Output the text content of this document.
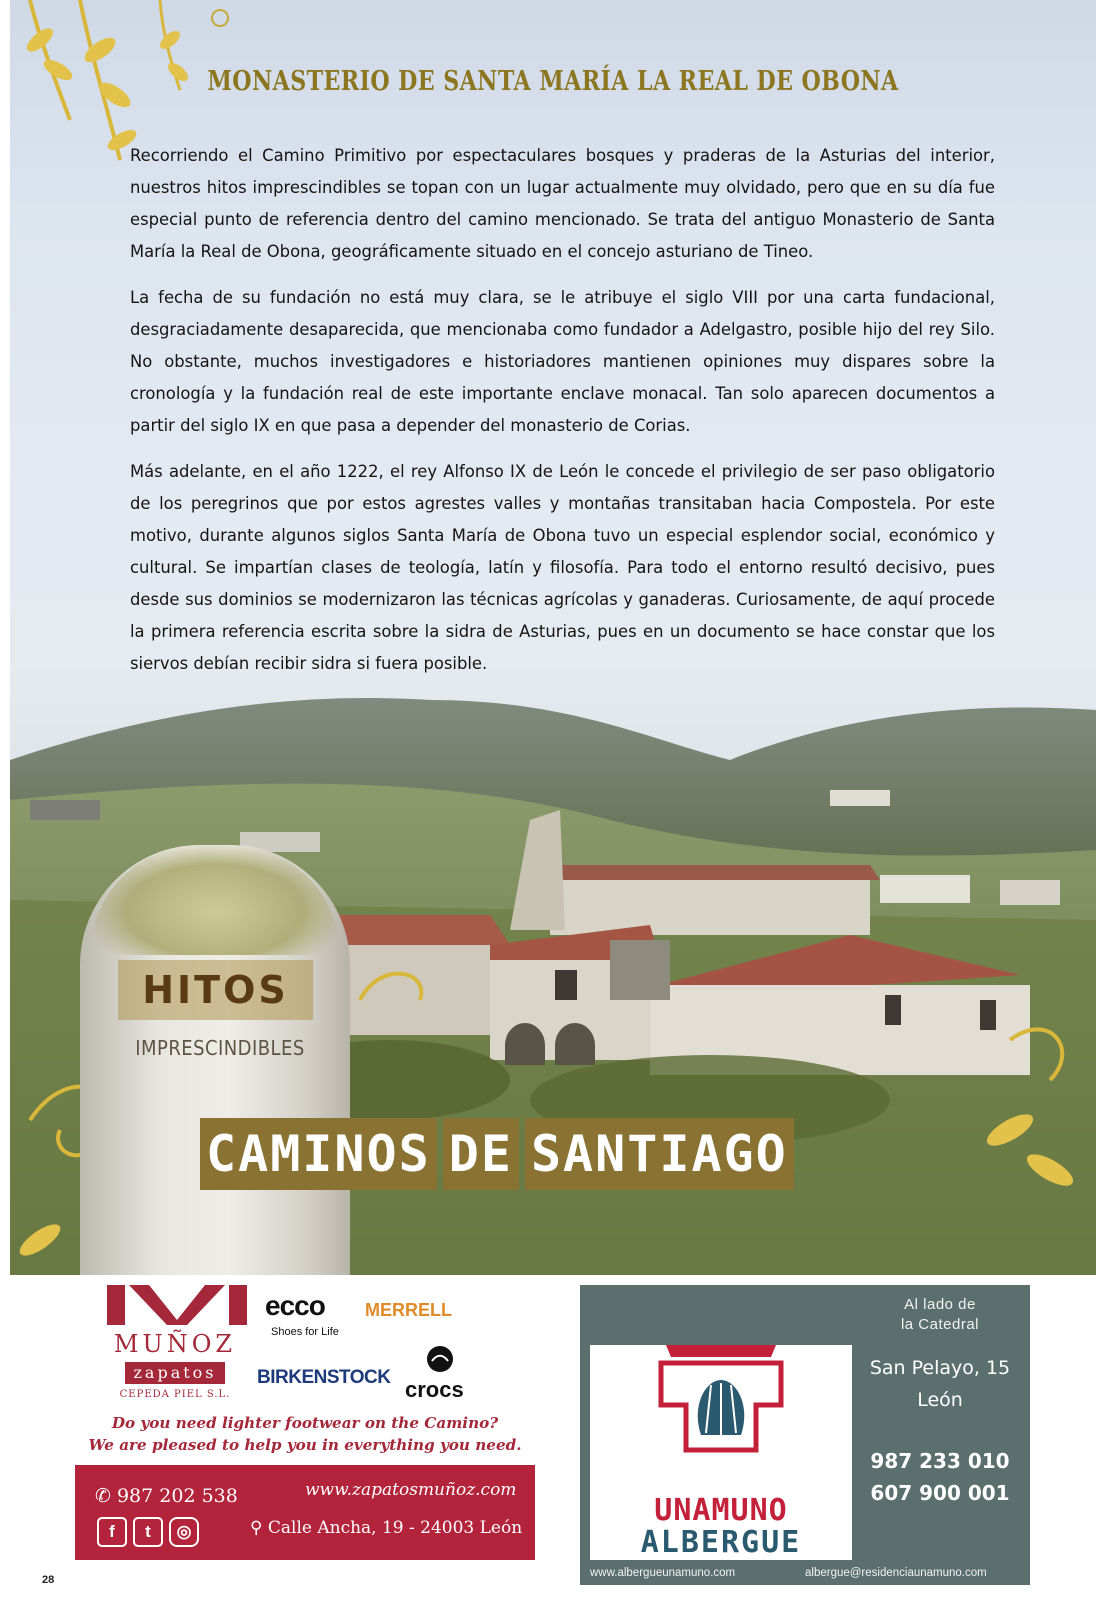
HITOS
IMPRESCINDIBLES
CAMINOS DE SANTIAGO
MONASTERIO DE SANTA MARÍA LA REAL DE OBONA

Recorriendo el Camino Primitivo por espectaculares bosques y praderas de la Asturias del interior, nuestros hitos imprescindibles se topan con un lugar actualmente muy olvidado, pero que en su día fue especial punto de referencia dentro del camino mencionado. Se trata del antiguo Monasterio de Santa María la Real de Obona, geográficamente situado en el concejo asturiano de Tineo.

La fecha de su fundación no está muy clara, se le atribuye el siglo VIII por una carta fundacional, desgraciadamente desaparecida, que mencionaba como fundador a Adelgastro, posible hijo del rey Silo. No obstante, muchos investigadores e historiadores mantienen opiniones muy dispares sobre la cronología y la fundación real de este importante enclave monacal. Tan solo aparecen documentos a partir del siglo IX en que pasa a depender del monasterio de Corias.

Más adelante, en el año 1222, el rey Alfonso IX de León le concede el privilegio de ser paso obligatorio de los peregrinos que por estos agrestes valles y montañas transitaban hacia Compostela. Por este motivo, durante algunos siglos Santa María de Obona tuvo un especial esplendor social, económico y cultural. Se impartían clases de teología, latín y filosofía. Para todo el entorno resultó decisivo, pues desde sus dominios se modernizaron las técnicas agrícolas y ganaderas. Curiosamente, de aquí procede la primera referencia escrita sobre la sidra de Asturias, pues en un documento se hace constar que los siervos debían recibir sidra si fuera posible.

MUÑOZ
zapatos
CEPEDA PIEL S.L.
ecco
Shoes for Life
MERRELL
BIRKENSTOCK crocs
Do you need lighter footwear on the Camino?
We are pleased to help you in everything you need.
✆ 987 202 538	www.zapatosmuñoz.com
f	t	◎	⚲ Calle Ancha, 19 - 24003 León	UNAMUNO
ALBERGUE
Al lado de
la Catedral
San Pelayo, 15
León
987 233 010
607 900 001
www.albergueunamuno.com	albergue@residenciaunamuno.com
28
